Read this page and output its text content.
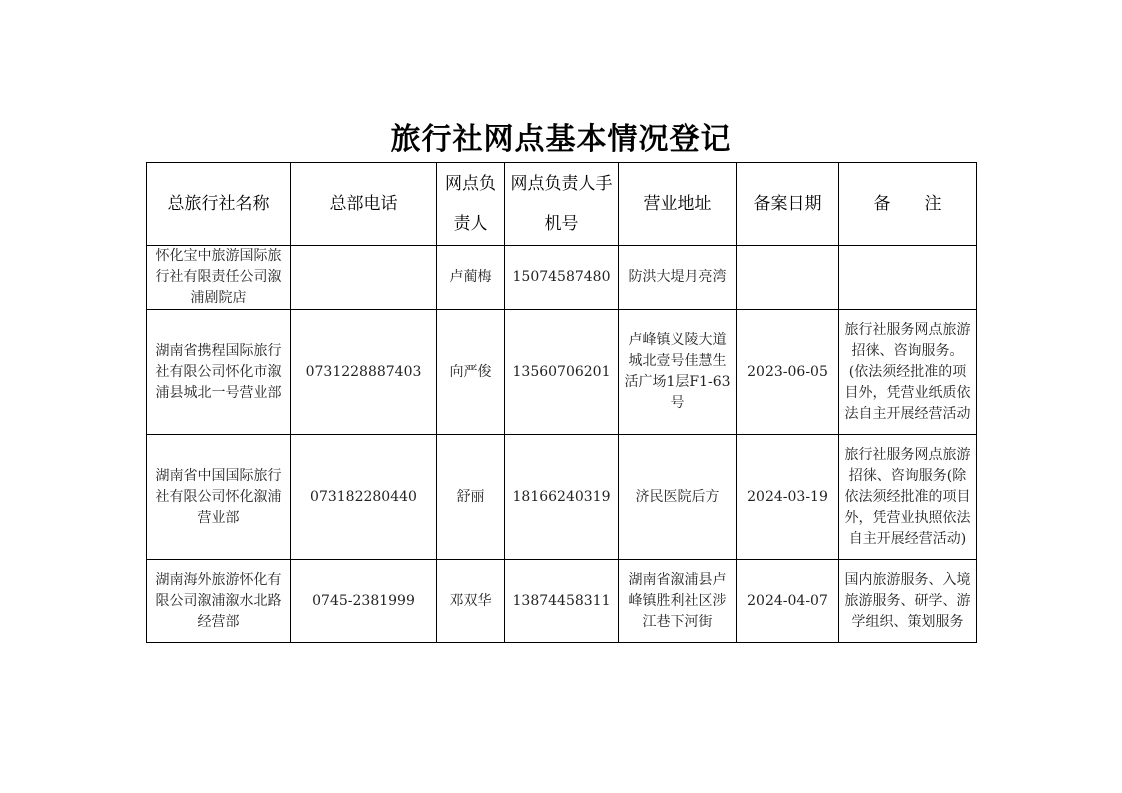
旅行社网点基本情况登记
总旅行社名称	总部电话	网点负责人	网点负责人手机号	营业地址	备案日期	备　　注
怀化宝中旅游国际旅行社有限责任公司溆浦剧院店		卢蔺梅	15074587480	防洪大堤月亮湾		
湖南省携程国际旅行社有限公司怀化市溆浦县城北一号营业部	0731228887403	向严俊	13560706201	卢峰镇义陵大道城北壹号佳慧生活广场1层F1-63号	2023-06-05	旅行社服务网点旅游招徕、咨询服务。(依法须经批准的项目外，凭营业纸质依法自主开展经营活动
湖南省中国国际旅行社有限公司怀化溆浦营业部	073182280440	舒丽	18166240319	济民医院后方	2024-03-19	旅行社服务网点旅游招徕、咨询服务(除依法须经批准的项目外，凭营业执照依法自主开展经营活动)
湖南海外旅游怀化有限公司溆浦溆水北路经营部	0745-2381999	邓双华	13874458311	湖南省溆浦县卢峰镇胜利社区涉江巷下河街	2024-04-07	国内旅游服务、入境旅游服务、研学、游学组织、策划服务
